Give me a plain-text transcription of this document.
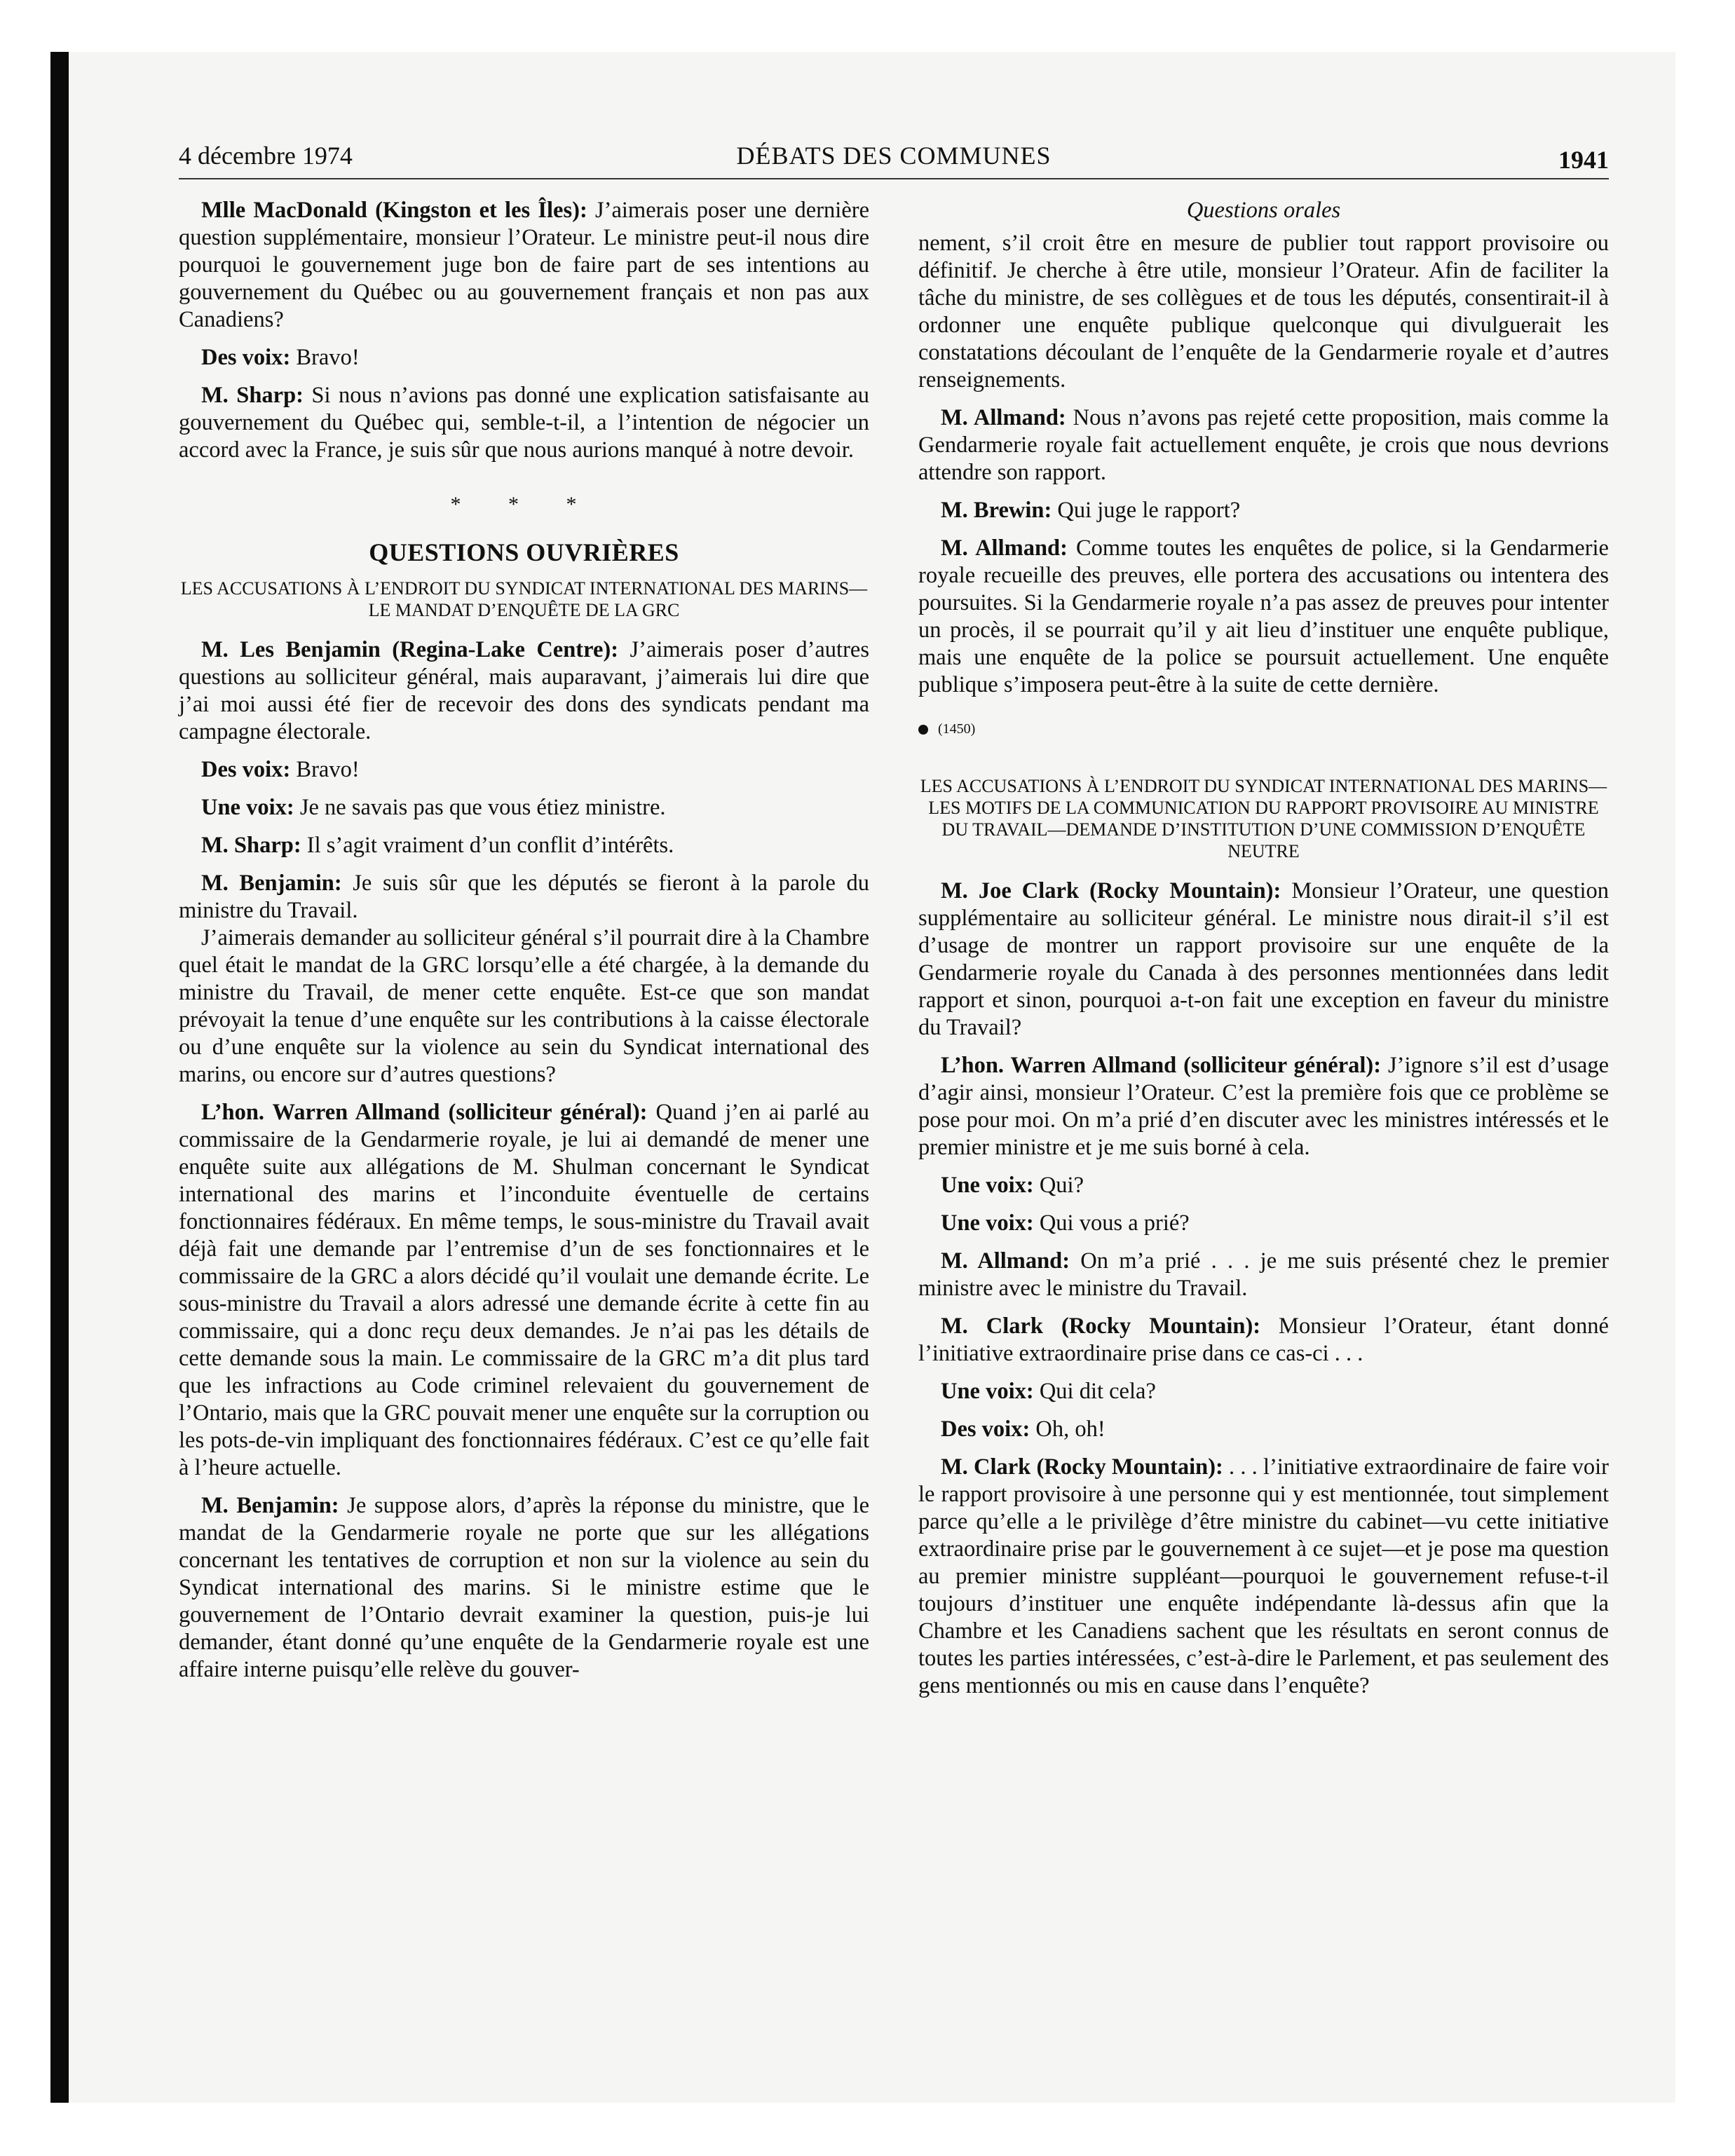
4 décembre 1974	DÉBATS DES COMMUNES	1941

Mlle MacDonald (Kingston et les Îles): J’aimerais poser une dernière question supplémentaire, monsieur l’Orateur. Le ministre peut-il nous dire pourquoi le gouvernement juge bon de faire part de ses intentions au gouvernement du Québec ou au gouvernement français et non pas aux Canadiens?

Des voix: Bravo!

M. Sharp: Si nous n’avions pas donné une explication satisfaisante au gouvernement du Québec qui, semble-t-il, a l’intention de négocier un accord avec la France, je suis sûr que nous aurions manqué à notre devoir.

* * *
QUESTIONS OUVRIÈRES
LES ACCUSATIONS À L’ENDROIT DU SYNDICAT INTERNATIONAL DES MARINS—LE MANDAT D’ENQUÊTE DE LA GRC

M. Les Benjamin (Regina-Lake Centre): J’aimerais poser d’autres questions au solliciteur général, mais auparavant, j’aimerais lui dire que j’ai moi aussi été fier de recevoir des dons des syndicats pendant ma campagne électorale.

Des voix: Bravo!

Une voix: Je ne savais pas que vous étiez ministre.

M. Sharp: Il s’agit vraiment d’un conflit d’intérêts.

M. Benjamin: Je suis sûr que les députés se fieront à la parole du ministre du Travail.

J’aimerais demander au solliciteur général s’il pourrait dire à la Chambre quel était le mandat de la GRC lorsqu’elle a été chargée, à la demande du ministre du Travail, de mener cette enquête. Est-ce que son mandat prévoyait la tenue d’une enquête sur les contributions à la caisse électorale ou d’une enquête sur la violence au sein du Syndicat international des marins, ou encore sur d’autres questions?

L’hon. Warren Allmand (solliciteur général): Quand j’en ai parlé au commissaire de la Gendarmerie royale, je lui ai demandé de mener une enquête suite aux allégations de M. Shulman concernant le Syndicat international des marins et l’inconduite éventuelle de certains fonctionnaires fédéraux. En même temps, le sous-ministre du Travail avait déjà fait une demande par l’entremise d’un de ses fonctionnaires et le commissaire de la GRC a alors décidé qu’il voulait une demande écrite. Le sous-ministre du Travail a alors adressé une demande écrite à cette fin au commissaire, qui a donc reçu deux demandes. Je n’ai pas les détails de cette demande sous la main. Le commissaire de la GRC m’a dit plus tard que les infractions au Code criminel relevaient du gouvernement de l’Ontario, mais que la GRC pouvait mener une enquête sur la corruption ou les pots-de-vin impliquant des fonctionnaires fédéraux. C’est ce qu’elle fait à l’heure actuelle.

M. Benjamin: Je suppose alors, d’après la réponse du ministre, que le mandat de la Gendarmerie royale ne porte que sur les allégations concernant les tentatives de corruption et non sur la violence au sein du Syndicat international des marins. Si le ministre estime que le gouvernement de l’Ontario devrait examiner la question, puis-je lui demander, étant donné qu’une enquête de la Gendarmerie royale est une affaire interne puisqu’elle relève du gouver-

Questions orales

nement, s’il croit être en mesure de publier tout rapport provisoire ou définitif. Je cherche à être utile, monsieur l’Orateur. Afin de faciliter la tâche du ministre, de ses collègues et de tous les députés, consentirait-il à ordonner une enquête publique quelconque qui divulguerait les constatations découlant de l’enquête de la Gendarmerie royale et d’autres renseignements.

M. Allmand: Nous n’avons pas rejeté cette proposition, mais comme la Gendarmerie royale fait actuellement enquête, je crois que nous devrions attendre son rapport.

M. Brewin: Qui juge le rapport?

M. Allmand: Comme toutes les enquêtes de police, si la Gendarmerie royale recueille des preuves, elle portera des accusations ou intentera des poursuites. Si la Gendarmerie royale n’a pas assez de preuves pour intenter un procès, il se pourrait qu’il y ait lieu d’instituer une enquête publique, mais une enquête de la police se poursuit actuellement. Une enquête publique s’imposera peut-être à la suite de cette dernière.

(1450)
LES ACCUSATIONS À L’ENDROIT DU SYNDICAT INTERNATIONAL DES MARINS—LES MOTIFS DE LA COMMUNICATION DU RAPPORT PROVISOIRE AU MINISTRE DU TRAVAIL—DEMANDE D’INSTITUTION D’UNE COMMISSION D’ENQUÊTE NEUTRE

M. Joe Clark (Rocky Mountain): Monsieur l’Orateur, une question supplémentaire au solliciteur général. Le ministre nous dirait-il s’il est d’usage de montrer un rapport provisoire sur une enquête de la Gendarmerie royale du Canada à des personnes mentionnées dans ledit rapport et sinon, pourquoi a-t-on fait une exception en faveur du ministre du Travail?

L’hon. Warren Allmand (solliciteur général): J’ignore s’il est d’usage d’agir ainsi, monsieur l’Orateur. C’est la première fois que ce problème se pose pour moi. On m’a prié d’en discuter avec les ministres intéressés et le premier ministre et je me suis borné à cela.

Une voix: Qui?

Une voix: Qui vous a prié?

M. Allmand: On m’a prié . . . je me suis présenté chez le premier ministre avec le ministre du Travail.

M. Clark (Rocky Mountain): Monsieur l’Orateur, étant donné l’initiative extraordinaire prise dans ce cas-ci . . .

Une voix: Qui dit cela?

Des voix: Oh, oh!

M. Clark (Rocky Mountain): . . . l’initiative extraordinaire de faire voir le rapport provisoire à une personne qui y est mentionnée, tout simplement parce qu’elle a le privilège d’être ministre du cabinet—vu cette initiative extraordinaire prise par le gouvernement à ce sujet—et je pose ma question au premier ministre suppléant—pourquoi le gouvernement refuse-t-il toujours d’instituer une enquête indépendante là-dessus afin que la Chambre et les Canadiens sachent que les résultats en seront connus de toutes les parties intéressées, c’est-à-dire le Parlement, et pas seulement des gens mentionnés ou mis en cause dans l’enquête?
